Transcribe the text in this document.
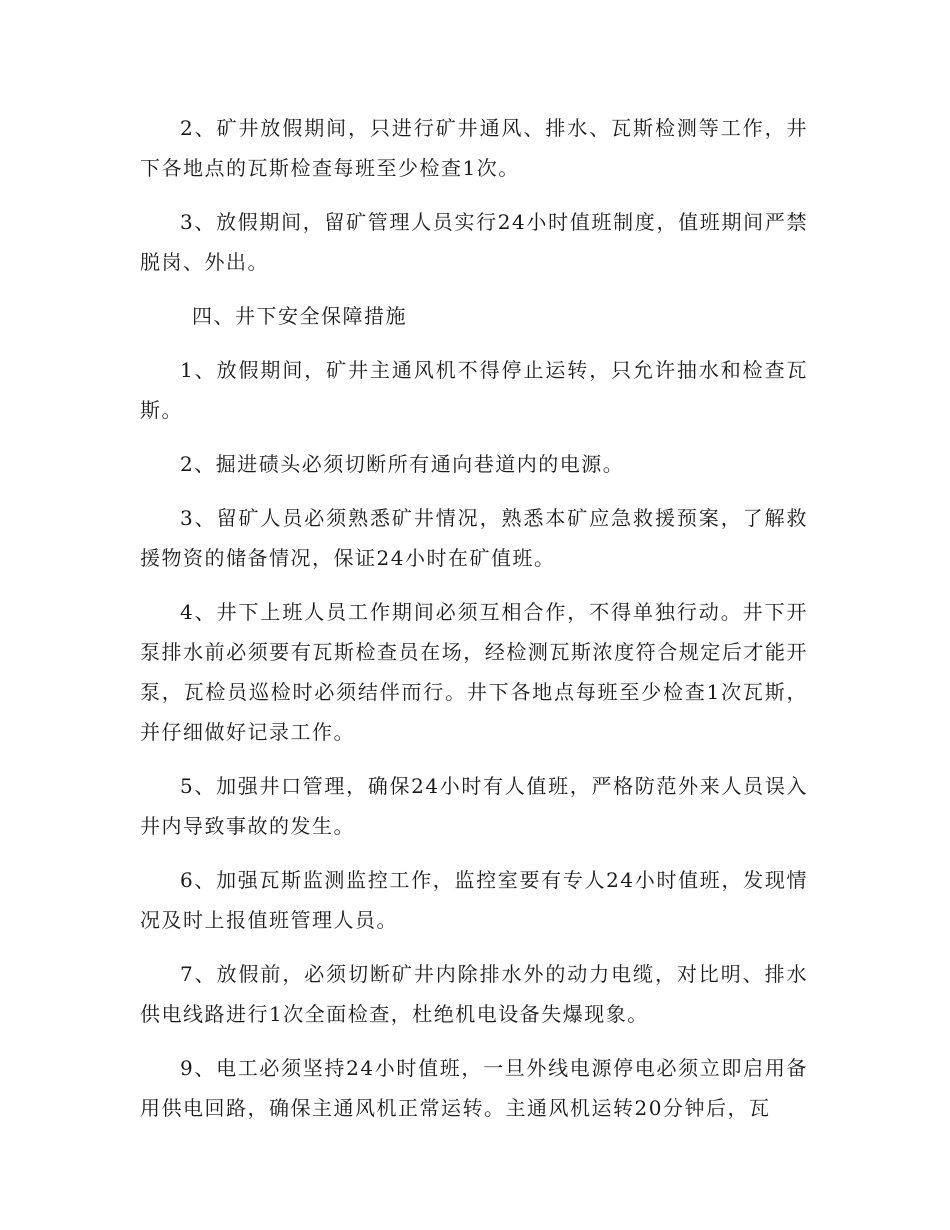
2、矿井放假期间，只进行矿井通风、排水、瓦斯检测等工作，井下各地点的瓦斯检查每班至少检查1次。

3、放假期间，留矿管理人员实行24小时值班制度，值班期间严禁脱岗、外出。

四、井下安全保障措施

1、放假期间，矿井主通风机不得停止运转，只允许抽水和检查瓦斯。

2、掘进碛头必须切断所有通向巷道内的电源。

3、留矿人员必须熟悉矿井情况，熟悉本矿应急救援预案，了解救援物资的储备情况，保证24小时在矿值班。

4、井下上班人员工作期间必须互相合作，不得单独行动。井下开泵排水前必须要有瓦斯检查员在场，经检测瓦斯浓度符合规定后才能开泵，瓦检员巡检时必须结伴而行。井下各地点每班至少检查1次瓦斯，并仔细做好记录工作。

5、加强井口管理，确保24小时有人值班，严格防范外来人员误入井内导致事故的发生。

6、加强瓦斯监测监控工作，监控室要有专人24小时值班，发现情况及时上报值班管理人员。

7、放假前，必须切断矿井内除排水外的动力电缆，对比明、排水供电线路进行1次全面检查，杜绝机电设备失爆现象。

9、电工必须坚持24小时值班，一旦外线电源停电必须立即启用备用供电回路，确保主通风机正常运转。主通风机运转20分钟后，瓦
